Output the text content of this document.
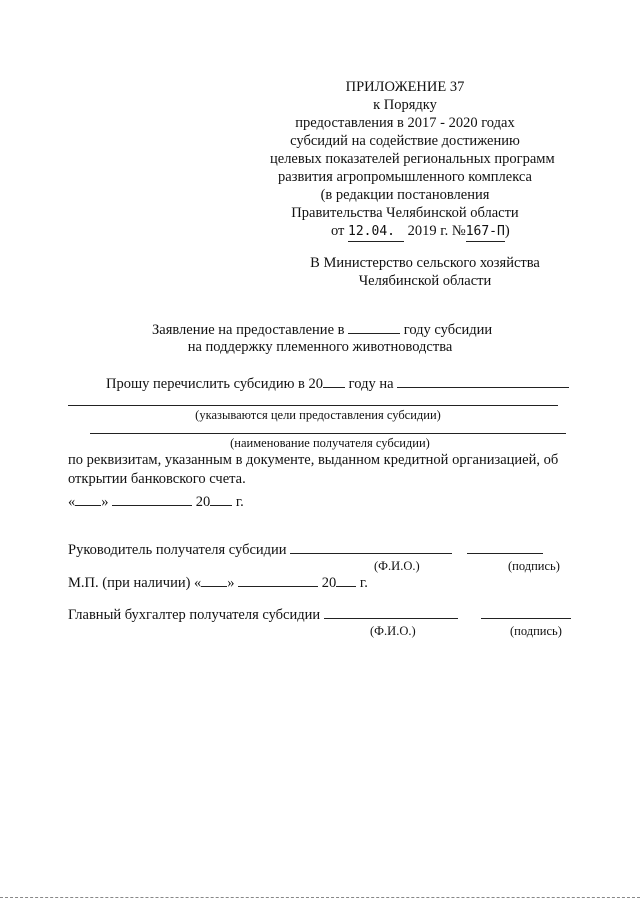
ПРИЛОЖЕНИЕ 37
к Порядку
предоставления в 2017 - 2020 годах
субсидий на содействие достижению
целевых показателей региональных программ
развития агропромышленного комплекса
(в редакции постановления
Правительства Челябинской области
от 12.04. 2019 г. №167-П)
В Министерство сельского хозяйства
Челябинской области
Заявление на предоставление в	году субсидии
на поддержку племенного животноводства
Прошу перечислить субсидию в 20 году на
(указываются цели предоставления субсидии)
(наименование получателя субсидии)
по реквизитам, указанным в документе, выданном кредитной организацией, об
открытии банковского счета.
« »	20 г.
Руководитель получателя субсидии
(Ф.И.О.)	(подпись)
М.П. (при наличии) « »	20 г.
Главный бухгалтер получателя субсидии
(Ф.И.О.)	(подпись)
